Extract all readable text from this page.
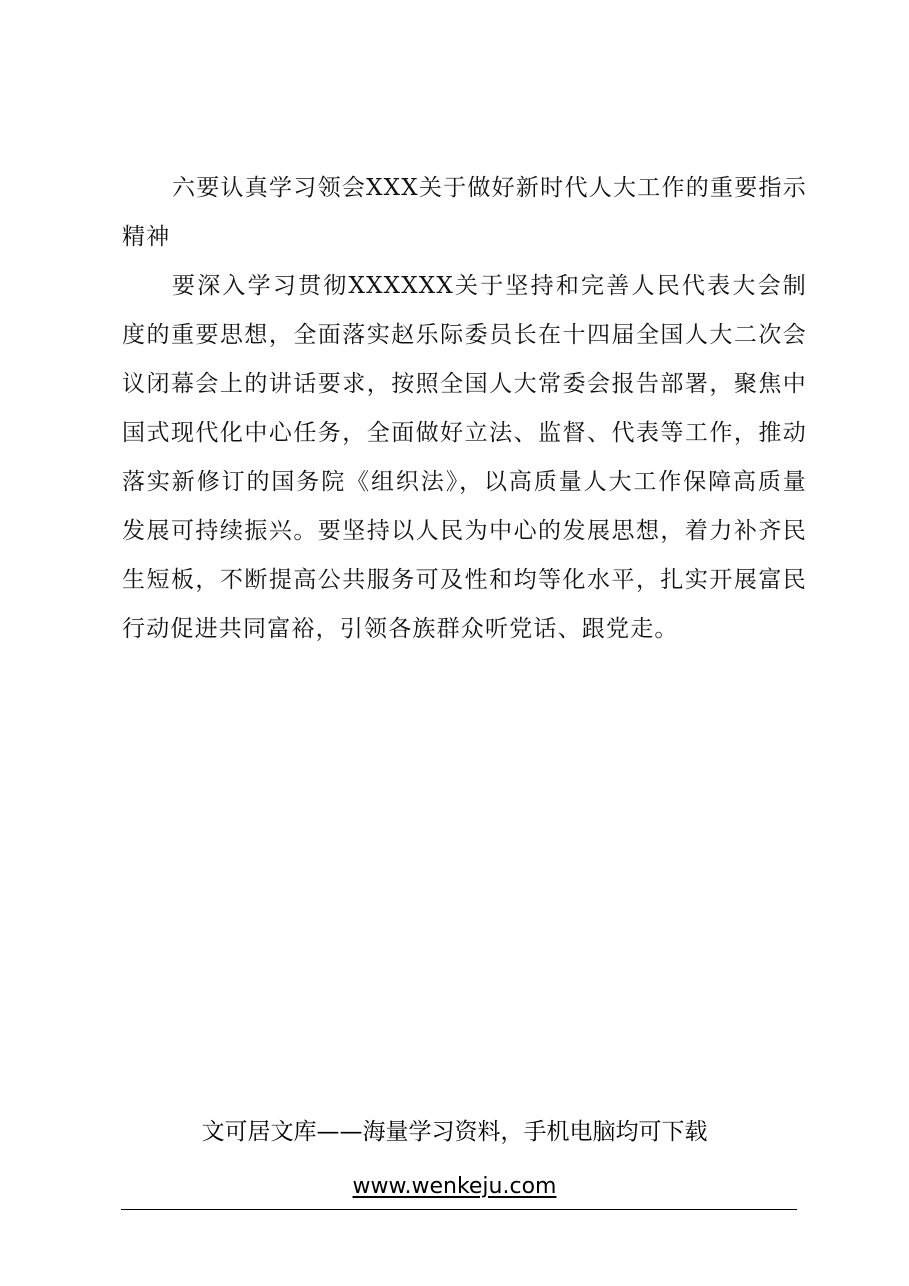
六要认真学习领会XXX关于做好新时代人大工作的重要指示精神

要深入学习贯彻XXXXXX关于坚持和完善人民代表大会制度的重要思想，全面落实赵乐际委员长在十四届全国人大二次会议闭幕会上的讲话要求，按照全国人大常委会报告部署，聚焦中国式现代化中心任务，全面做好立法、监督、代表等工作，推动落实新修订的国务院《组织法》，以高质量人大工作保障高质量发展可持续振兴。要坚持以人民为中心的发展思想，着力补齐民生短板，不断提高公共服务可及性和均等化水平，扎实开展富民行动促进共同富裕，引领各族群众听党话、跟党走。

文可居文库——海量学习资料，手机电脑均可下载
www.wenkeju.com
